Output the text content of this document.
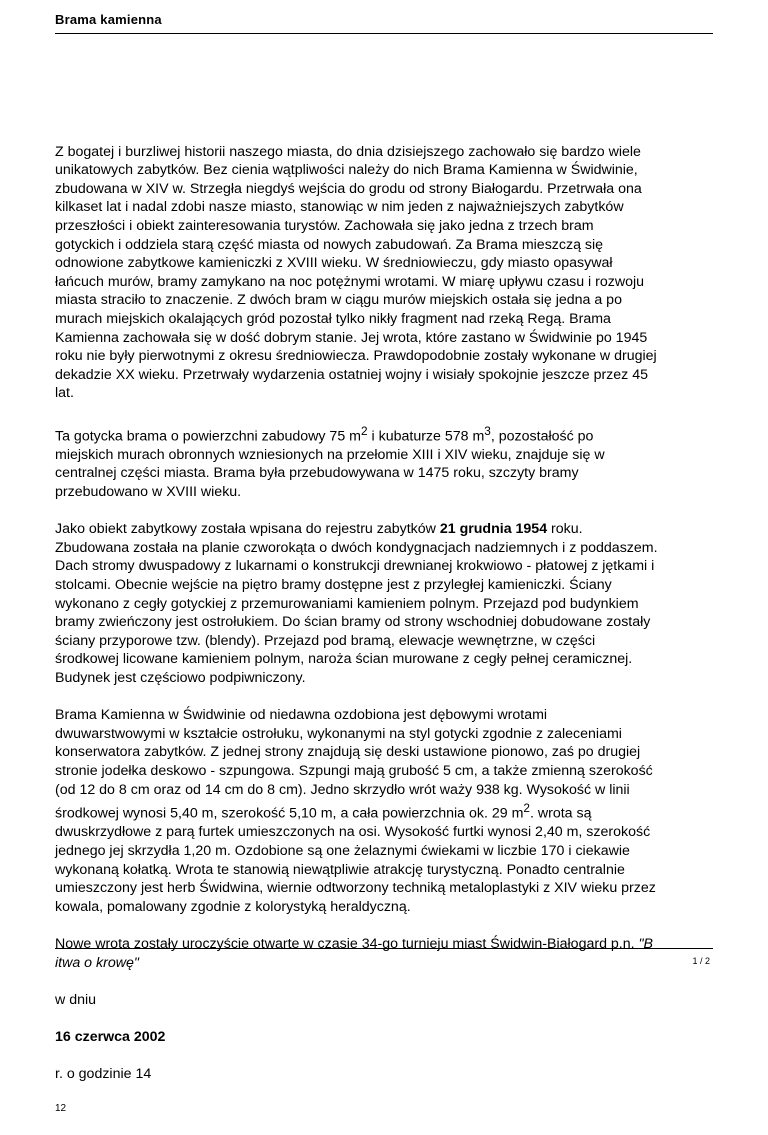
Brama kamienna

Z bogatej i burzliwej historii naszego miasta, do dnia dzisiejszego zachowało się bardzo wiele
unikatowych zabytków. Bez cienia wątpliwości należy do nich Brama Kamienna w Świdwinie,
zbudowana w XIV w. Strzegła niegdyś wejścia do grodu od strony Białogardu. Przetrwała ona
kilkaset lat i nadal zdobi nasze miasto, stanowiąc w nim jeden z najważniejszych zabytków
przeszłości i obiekt zainteresowania turystów. Zachowała się jako jedna z trzech bram
gotyckich i oddziela starą część miasta od nowych zabudowań. Za Brama mieszczą się
odnowione zabytkowe kamieniczki z XVIII wieku. W średniowieczu, gdy miasto opasywał
łańcuch murów, bramy zamykano na noc potężnymi wrotami. W miarę upływu czasu i rozwoju
miasta straciło to znaczenie. Z dwóch bram w ciągu murów miejskich ostała się jedna a po
murach miejskich okalających gród pozostał tylko nikły fragment nad rzeką Regą. Brama
Kamienna zachowała się w dość dobrym stanie. Jej wrota, które zastano w Świdwinie po 1945
roku nie były pierwotnymi z okresu średniowiecza. Prawdopodobnie zostały wykonane w drugiej
dekadzie XX wieku. Przetrwały wydarzenia ostatniej wojny i wisiały spokojnie jeszcze przez 45
lat.

Ta gotycka brama o powierzchni zabudowy 75 $m^2$ i kubaturze 578 $m^3$, pozostałość po
miejskich murach obronnych wzniesionych na przełomie XIII i XIV wieku, znajduje się w
centralnej części miasta. Brama była przebudowywana w 1475 roku, szczyty bramy
przebudowano w XVIII wieku.

Jako obiekt zabytkowy została wpisana do rejestru zabytków 21 grudnia 1954 roku.
Zbudowana została na planie czworokąta o dwóch kondygnacjach nadziemnych i z poddaszem.
Dach stromy dwuspadowy z lukarnami o konstrukcji drewnianej krokwiowo - płatowej z jętkami i
stolcami. Obecnie wejście na piętro bramy dostępne jest z przyległej kamieniczki. Ściany
wykonano z cegły gotyckiej z przemurowaniami kamieniem polnym. Przejazd pod budynkiem
bramy zwieńczony jest ostrołukiem. Do ścian bramy od strony wschodniej dobudowane zostały
ściany przyporowe tzw. (blendy). Przejazd pod bramą, elewacje wewnętrzne, w części
środkowej licowane kamieniem polnym, naroża ścian murowane z cegły pełnej ceramicznej.
Budynek jest częściowo podpiwniczony.

Brama Kamienna w Świdwinie od niedawna ozdobiona jest dębowymi wrotami
dwuwarstwowymi w kształcie ostrołuku, wykonanymi na styl gotycki zgodnie z zaleceniami
konserwatora zabytków. Z jednej strony znajdują się deski ustawione pionowo, zaś po drugiej
stronie jodełka deskowo - szpungowa. Szpungi mają grubość 5 cm, a także zmienną szerokość
(od 12 do 8 cm oraz od 14 cm do 8 cm). Jedno skrzydło wrót waży 938 kg. Wysokość w linii
środkowej wynosi 5,40 m, szerokość 5,10 m, a cała powierzchnia ok. 29 $m^2$. wrota są
dwuskrzydłowe z parą furtek umieszczonych na osi. Wysokość furtki wynosi 2,40 m, szerokość
jednego jej skrzydła 1,20 m. Ozdobione są one żelaznymi ćwiekami w liczbie 170 i ciekawie
wykonaną kołatką. Wrota te stanowią niewątpliwie atrakcję turystyczną. Ponadto centralnie
umieszczony jest herb Świdwina, wiernie odtworzony techniką metaloplastyki z XIV wieku przez
kowala, pomalowany zgodnie z kolorystyką heraldyczną.

Nowe wrota zostały uroczyście otwarte w czasie 34-go turnieju miast Świdwin-Białogard p.n. "B
itwa o krowę"

w dniu

16 czerwca 2002

r. o godzinie 14

12

1 / 2
